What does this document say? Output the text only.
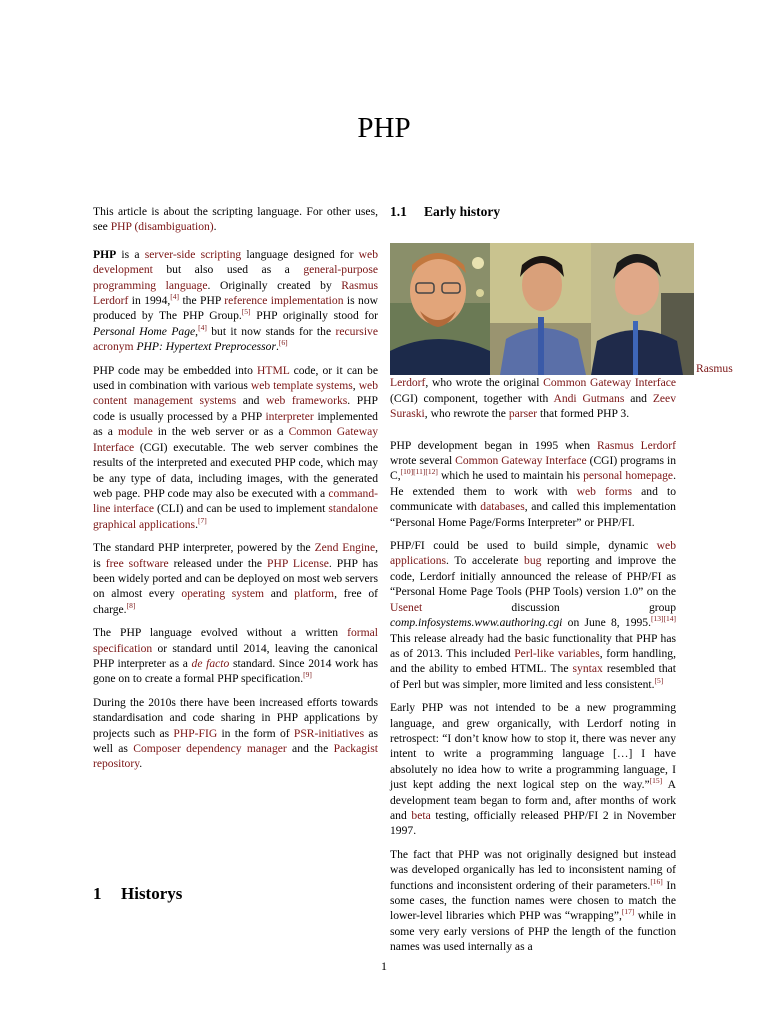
PHP

This article is about the scripting language. For other uses, see PHP (disambiguation).

PHP is a server-side scripting language designed for web development but also used as a general-purpose programming language. Originally created by Rasmus Lerdorf in 1994,[4] the PHP reference implementation is now produced by The PHP Group.[5] PHP originally stood for Personal Home Page,[4] but it now stands for the recursive acronym PHP: Hypertext Preprocessor.[6]

PHP code may be embedded into HTML code, or it can be used in combination with various web template systems, web content management systems and web frameworks. PHP code is usually processed by a PHP interpreter implemented as a module in the web server or as a Common Gateway Interface (CGI) executable. The web server combines the results of the interpreted and executed PHP code, which may be any type of data, including images, with the generated web page. PHP code may also be executed with a command-line interface (CLI) and can be used to implement standalone graphical applications.[7]

The standard PHP interpreter, powered by the Zend Engine, is free software released under the PHP License. PHP has been widely ported and can be deployed on most web servers on almost every operating system and platform, free of charge.[8]

The PHP language evolved without a written formal specification or standard until 2014, leaving the canonical PHP interpreter as a de facto standard. Since 2014 work has gone on to create a formal PHP specification.[9]

During the 2010s there have been increased efforts towards standardisation and code sharing in PHP applications by projects such as PHP-FIG in the form of PSR-initiatives as well as Composer dependency manager and the Packagist repository.

1 Historys
1.1 Early history
Rasmus

Lerdorf, who wrote the original Common Gateway Interface (CGI) component, together with Andi Gutmans and Zeev Suraski, who rewrote the parser that formed PHP 3.

PHP development began in 1995 when Rasmus Lerdorf wrote several Common Gateway Interface (CGI) programs in C,[10][11][12] which he used to maintain his personal homepage. He extended them to work with web forms and to communicate with databases, and called this implementation “Personal Home Page/Forms Interpreter” or PHP/FI.

PHP/FI could be used to build simple, dynamic web applications. To accelerate bug reporting and improve the code, Lerdorf initially announced the release of PHP/FI as “Personal Home Page Tools (PHP Tools) version 1.0” on the Usenet discussion group comp.infosystems.www.authoring.cgi on June 8, 1995.[13][14] This release already had the basic functionality that PHP has as of 2013. This included Perl-like variables, form handling, and the ability to embed HTML. The syntax resembled that of Perl but was simpler, more limited and less consistent.[5]

Early PHP was not intended to be a new programming language, and grew organically, with Lerdorf noting in retrospect: “I don’t know how to stop it, there was never any intent to write a programming language […] I have absolutely no idea how to write a programming language, I just kept adding the next logical step on the way.”[15] A development team began to form and, after months of work and beta testing, officially released PHP/FI 2 in November 1997.

The fact that PHP was not originally designed but instead was developed organically has led to inconsistent naming of functions and inconsistent ordering of their parameters.[16] In some cases, the function names were chosen to match the lower-level libraries which PHP was “wrapping”,[17] while in some very early versions of PHP the length of the function names was used internally as a

1
